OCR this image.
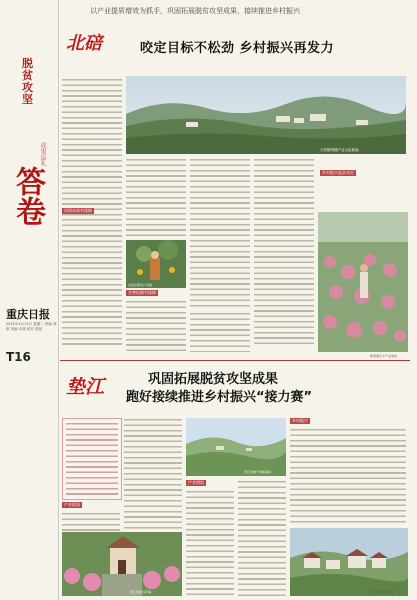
脱贫攻坚
答卷
成果巡礼
重庆日报
2021年4月13日 星期二 责编 刘珉 美编 乔燕 校对 曾旭
T16
以产业提质增效为抓手，巩固拓展脱贫攻坚成果，接续推进乡村振兴
北碚	咬定目标不松劲 乡村振兴再发力
巩固成果有保障
天府镇柑橘产业示范基地
完善机制有保障
静观镇花木产业基地
乡村振兴起步良好
垫江	巩固拓展脱贫攻坚成果
跑好接续推进乡村振兴“接力赛”
产业提质
垫江县牡丹花海
垫江县柚子种植基地
产业增收
乡村振兴
垫江县乡村新风貌
北碚区脱贫户采摘
